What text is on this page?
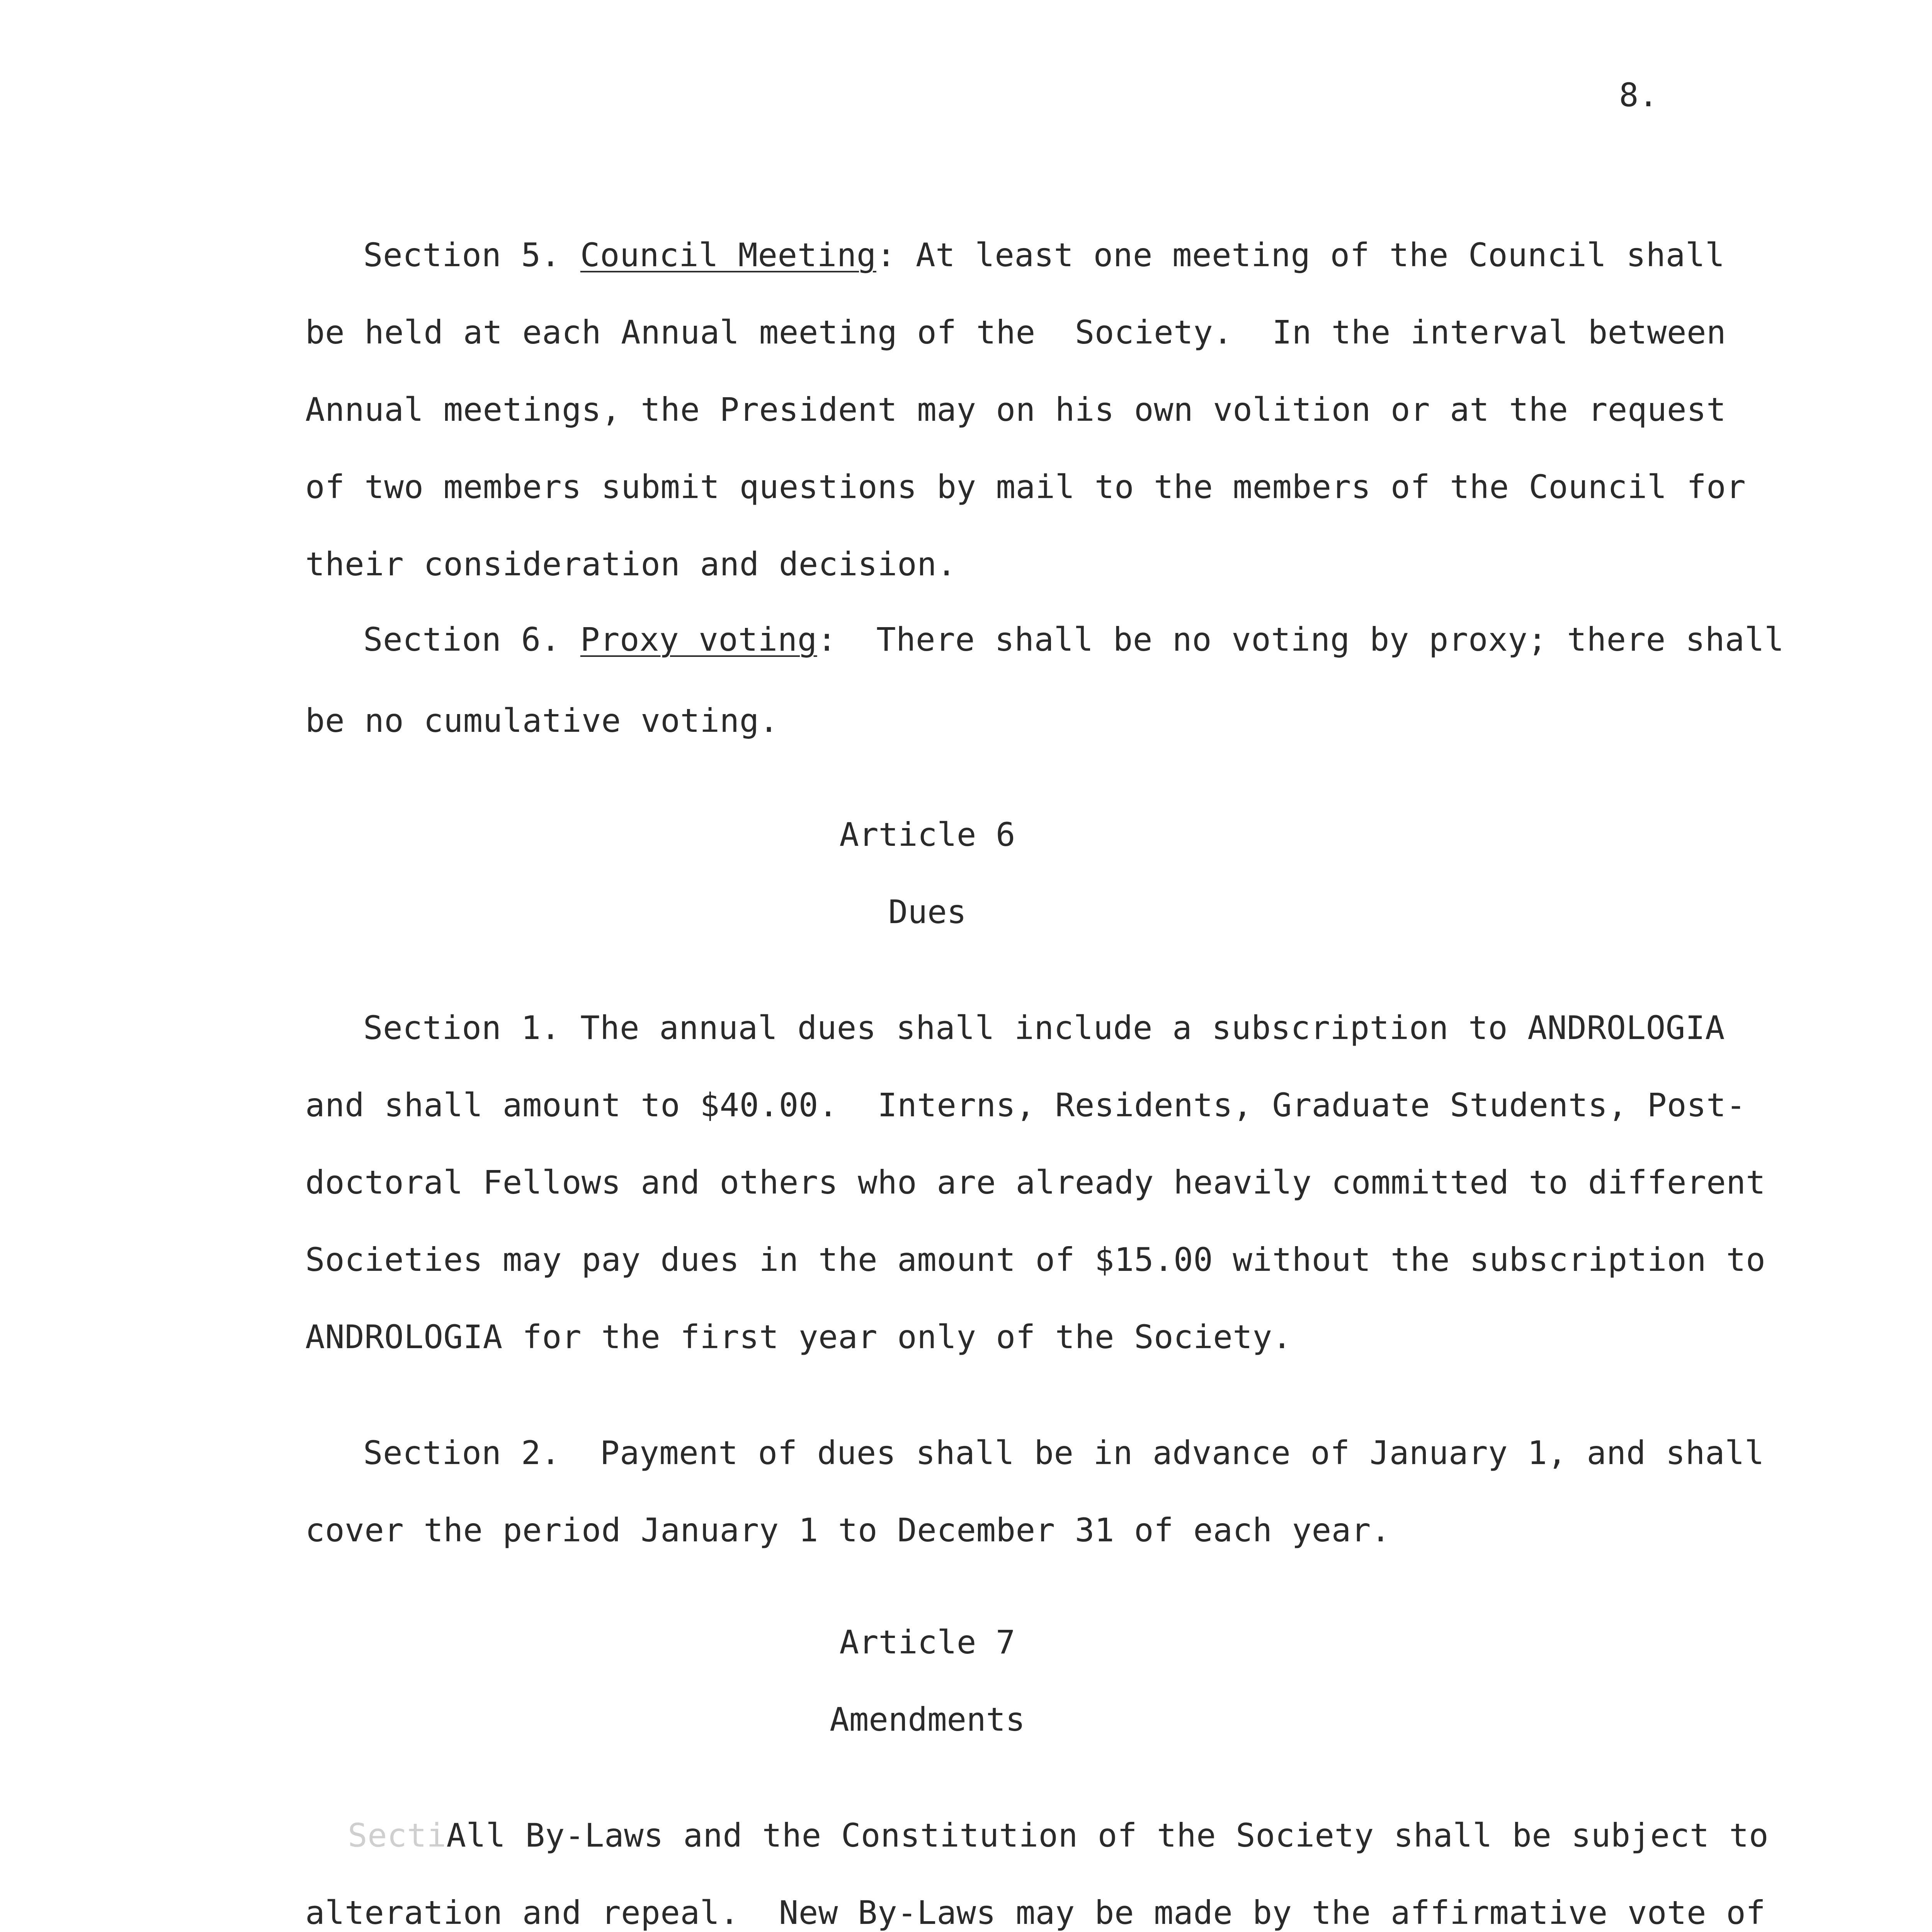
8.
Section 5. Council Meeting: At least one meeting of the Council shall
be held at each Annual meeting of the  Society.  In the interval between
Annual meetings, the President may on his own volition or at the request
of two members submit questions by mail to the members of the Council for
their consideration and decision.
Section 6. Proxy voting:  There shall be no voting by proxy; there shall
be no cumulative voting.
Article 6
Dues
Section 1. The annual dues shall include a subscription to ANDROLOGIA
and shall amount to $40.00.  Interns, Residents, Graduate Students, Post-
doctoral Fellows and others who are already heavily committed to different
Societies may pay dues in the amount of $15.00 without the subscription to
ANDROLOGIA for the first year only of the Society.
Section 2.  Payment of dues shall be in advance of January 1, and shall
cover the period January 1 to December 31 of each year.
Article 7
Amendments
SectiAll By-Laws and the Constitution of the Society shall be subject to
alteration and repeal.  New By-Laws may be made by the affirmative vote of
